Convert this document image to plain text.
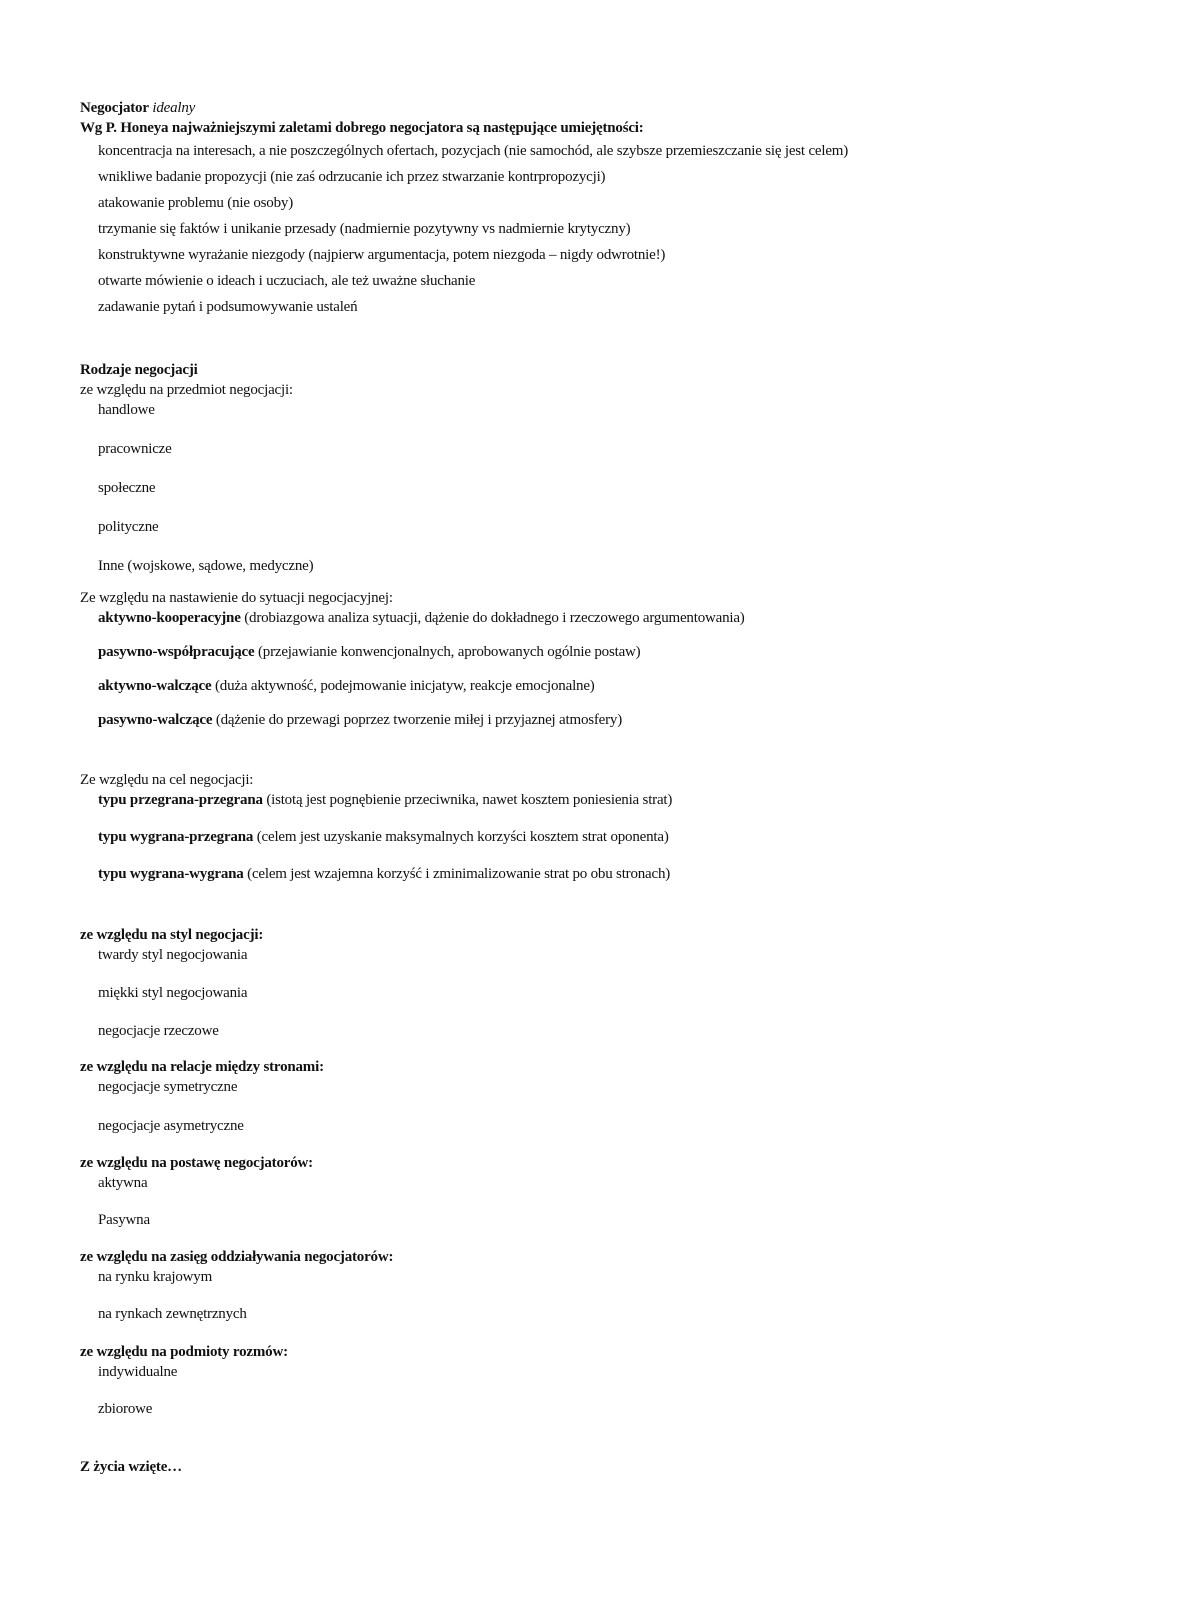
Negocjator idealny
Wg P. Honeya najważniejszymi zaletami dobrego negocjatora są następujące umiejętności:
koncentracja na interesach, a nie poszczególnych ofertach, pozycjach (nie samochód, ale szybsze przemieszczanie się jest celem)
wnikliwe badanie propozycji (nie zaś odrzucanie ich przez stwarzanie kontrpropozycji)
atakowanie problemu (nie osoby)
trzymanie się faktów i unikanie przesady (nadmiernie pozytywny vs nadmiernie krytyczny)
konstruktywne wyrażanie niezgody (najpierw argumentacja, potem niezgoda – nigdy odwrotnie!)
otwarte mówienie o ideach i uczuciach, ale też uważne słuchanie
zadawanie pytań i podsumowywanie ustaleń
Rodzaje negocjacji
ze względu na przedmiot negocjacji:
handlowe
pracownicze
społeczne
polityczne
Inne (wojskowe, sądowe, medyczne)
Ze względu na nastawienie do sytuacji negocjacyjnej:
aktywno-kooperacyjne (drobiazgowa analiza sytuacji, dążenie do dokładnego i rzeczowego argumentowania)
pasywno-współpracujące (przejawianie konwencjonalnych, aprobowanych ogólnie postaw)
aktywno-walczące (duża aktywność, podejmowanie inicjatyw, reakcje emocjonalne)
pasywno-walczące (dążenie do przewagi poprzez tworzenie miłej i przyjaznej atmosfery)
Ze względu na cel negocjacji:
typu przegrana-przegrana (istotą jest pognębienie przeciwnika, nawet kosztem poniesienia strat)
typu wygrana-przegrana (celem jest uzyskanie maksymalnych korzyści kosztem strat oponenta)
typu wygrana-wygrana (celem jest wzajemna korzyść i zminimalizowanie strat po obu stronach)
ze względu na styl negocjacji:
twardy styl negocjowania
miękki styl negocjowania
negocjacje rzeczowe
ze względu na relacje między stronami:
negocjacje symetryczne
negocjacje asymetryczne
ze względu na postawę negocjatorów:
aktywna
Pasywna
ze względu na zasięg oddziaływania negocjatorów:
na rynku krajowym
na rynkach zewnętrznych
ze względu na podmioty rozmów:
indywidualne
zbiorowe
Z życia wzięte…
